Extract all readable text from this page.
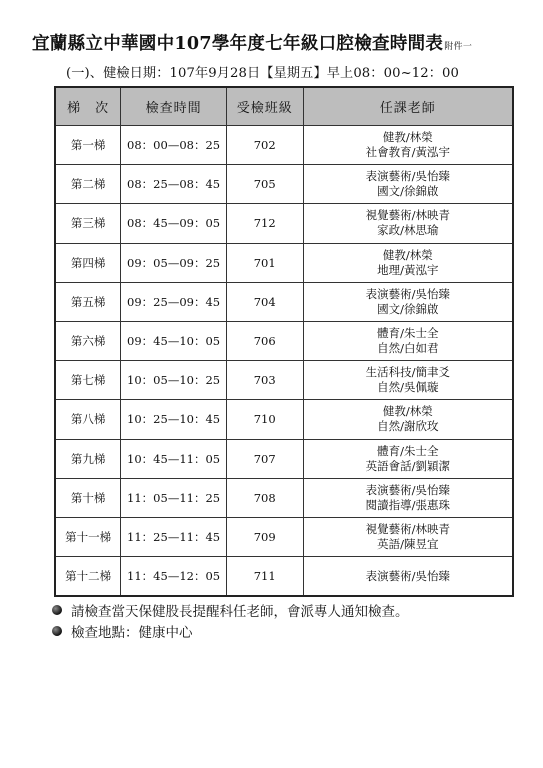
宜蘭縣立中華國中107學年度七年級口腔檢查時間表附件一
(一)、健檢日期：107年9月28日【星期五】早上08：00~12：00
梯　次	檢查時間	受檢班級	任課老師
第一梯	08：00—08：25	702	健教/林榮
社會教育/黃泓宇

第二梯	08：25—08：45	705	表演藝術/吳怡臻
國文/徐錦啟

第三梯	08：45—09：05	712	視覺藝術/林映青
家政/林思瑜

第四梯	09：05—09：25	701	健教/林榮
地理/黃泓宇

第五梯	09：25—09：45	704	表演藝術/吳怡臻
國文/徐錦啟

第六梯	09：45—10：05	706	體育/朱士全
自然/白如君

第七梯	10：05—10：25	703	生活科技/簡聿爻
自然/吳佩璇

第八梯	10：25—10：45	710	健教/林榮
自然/謝欣玫

第九梯	10：45—11：05	707	體育/朱士全
英語會話/劉穎潔

第十梯	11：05—11：25	708	表演藝術/吳怡臻
閱讀指導/張惠珠

第十一梯	11：25—11：45	709	視覺藝術/林映青
英語/陳昱宜

第十二梯	11：45—12：05	711	表演藝術/吳怡臻
請檢查當天保健股長提醒科任老師，會派專人通知檢查。
檢查地點：健康中心
